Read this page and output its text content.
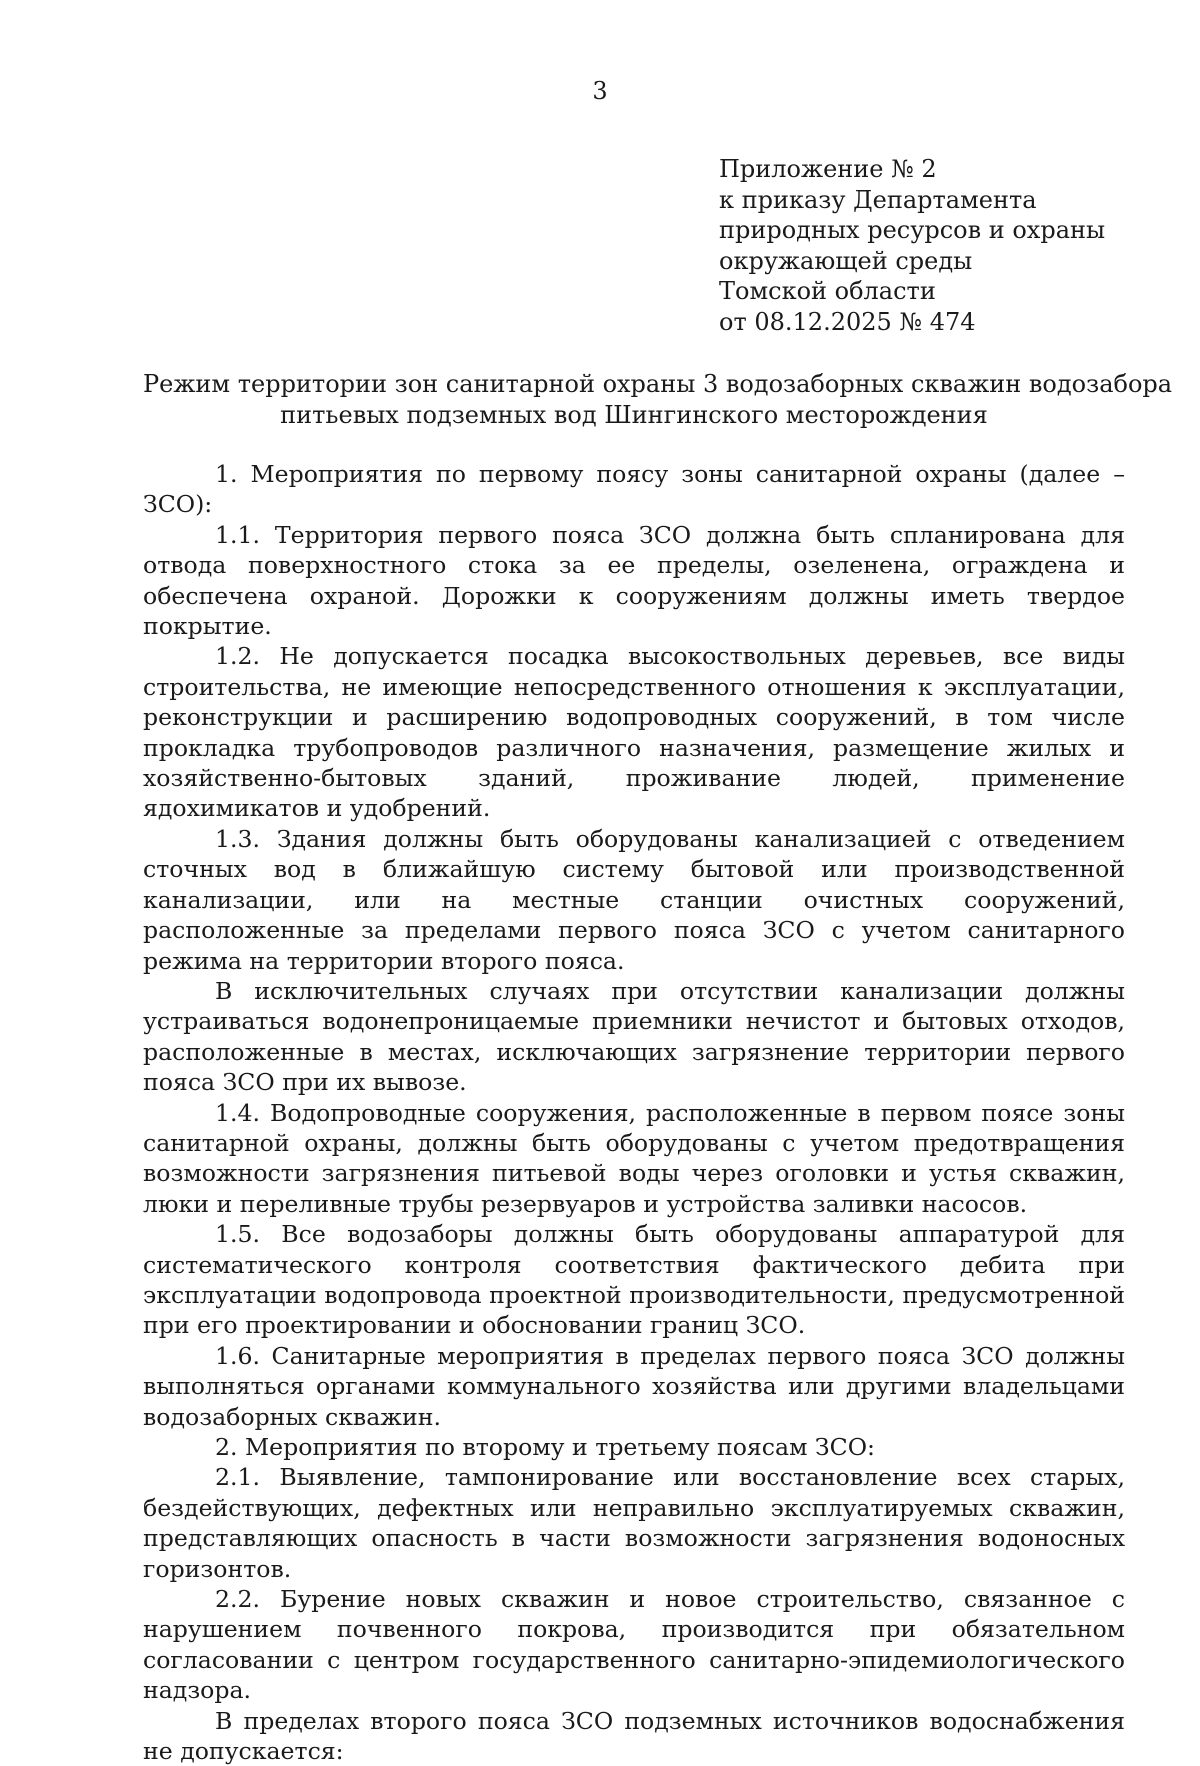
3
Приложение № 2
к приказу Департамента
природных ресурсов и охраны
окружающей среды
Томской области
от 08.12.2025 № 474
Режим территории зон санитарной охраны 3 водозаборных скважин водозабора
питьевых подземных вод Шингинского месторождения

1. Мероприятия по первому поясу зоны санитарной охраны (далее – ЗСО):

1.1. Территория первого пояса ЗСО должна быть спланирована для отвода поверхностного стока за ее пределы, озеленена, ограждена и обеспечена охраной. Дорожки к сооружениям должны иметь твердое покрытие.

1.2. Не допускается посадка высокоствольных деревьев, все виды строительства, не имеющие непосредственного отношения к эксплуатации, реконструкции и расширению водопроводных сооружений, в том числе прокладка трубопроводов различного назначения, размещение жилых и хозяйственно-бытовых зданий, проживание людей, применение ядохимикатов и удобрений.

1.3. Здания должны быть оборудованы канализацией с отведением сточных вод в ближайшую систему бытовой или производственной канализации, или на местные станции очистных сооружений, расположенные за пределами первого пояса ЗСО с учетом санитарного режима на территории второго пояса.

В исключительных случаях при отсутствии канализации должны устраиваться водонепроницаемые приемники нечистот и бытовых отходов, расположенные в местах, исключающих загрязнение территории первого пояса ЗСО при их вывозе.

1.4. Водопроводные сооружения, расположенные в первом поясе зоны санитарной охраны, должны быть оборудованы с учетом предотвращения возможности загрязнения питьевой воды через оголовки и устья скважин, люки и переливные трубы резервуаров и устройства заливки насосов.

1.5. Все водозаборы должны быть оборудованы аппаратурой для систематического контроля соответствия фактического дебита при эксплуатации водопровода проектной производительности, предусмотренной при его проектировании и обосновании границ ЗСО.

1.6. Санитарные мероприятия в пределах первого пояса ЗСО должны выполняться органами коммунального хозяйства или другими владельцами водозаборных скважин.

2. Мероприятия по второму и третьему поясам ЗСО:

2.1. Выявление, тампонирование или восстановление всех старых, бездействующих, дефектных или неправильно эксплуатируемых скважин, представляющих опасность в части возможности загрязнения водоносных горизонтов.

2.2. Бурение новых скважин и новое строительство, связанное с нарушением почвенного покрова, производится при обязательном согласовании с центром государственного санитарно-эпидемиологического надзора.

В пределах второго пояса ЗСО подземных источников водоснабжения не допускается:
